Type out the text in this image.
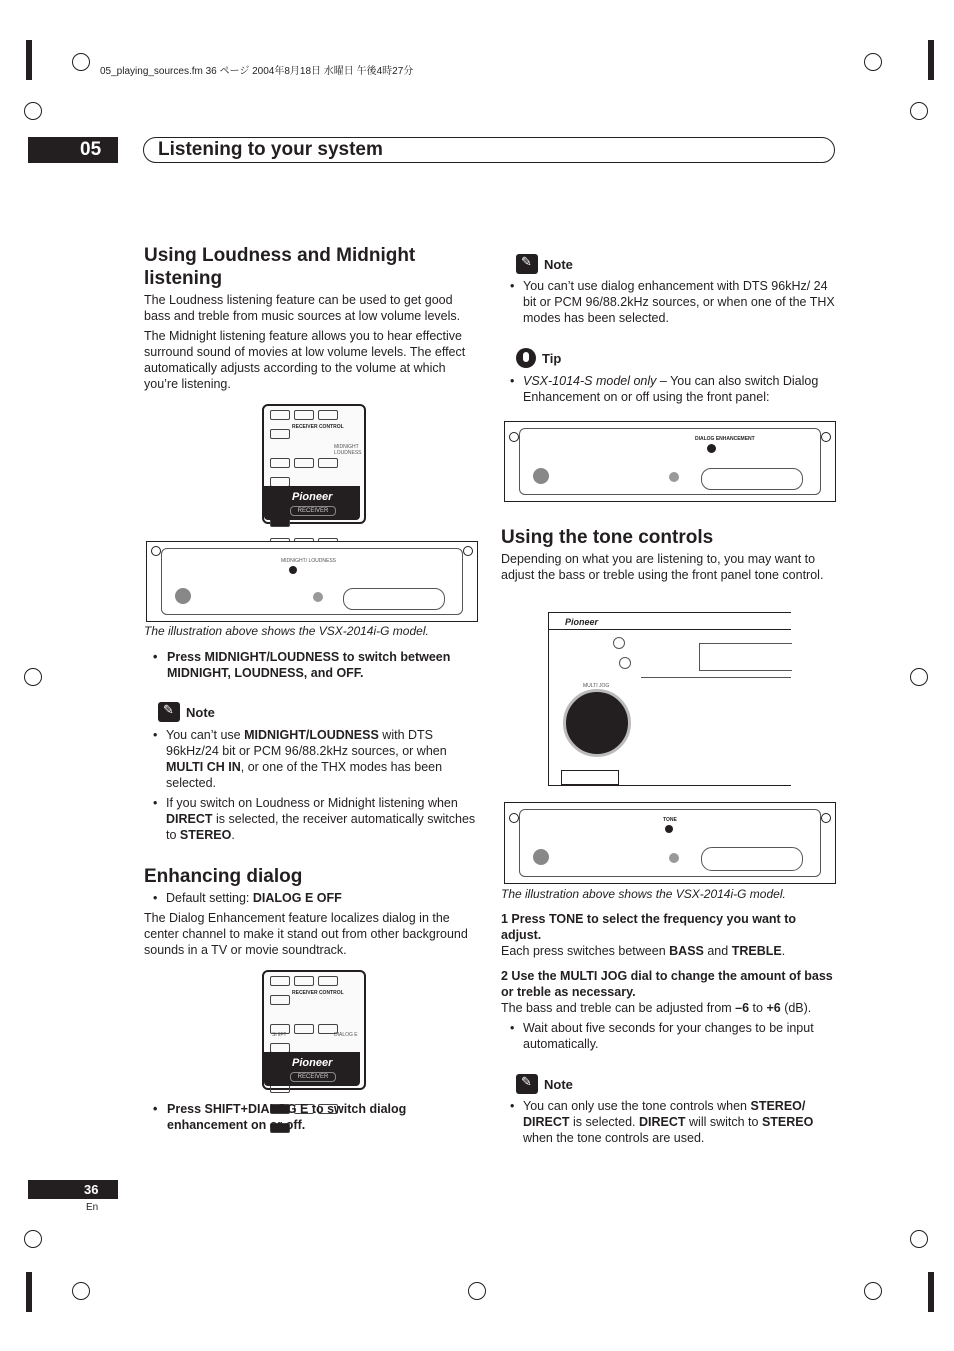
05_playing_sources.fm 36 ページ 2004年8月18日 水曜日 午後4時27分
05	Listening to your system
Using Loudness and Midnight listening

The Loudness listening feature can be used to get good bass and treble from music sources at low volume levels.

The Midnight listening feature allows you to hear effective surround sound of movies at low volume levels. The effect automatically adjusts according to the volume at which you’re listening.

RECEIVER CONTROL
MIDNIGHT LOUDNESS
Pioneer
RECEIVER
MIDNIGHT/ LOUDNESS
The illustration above shows the VSX-2014i-G model.
• Press MIDNIGHT/LOUDNESS to switch between MIDNIGHT, LOUDNESS, and OFF.
✎
Note
• You can’t use MIDNIGHT/LOUDNESS with DTS 96kHz/24 bit or PCM 96/88.2kHz sources, or when MULTI CH IN, or one of the THX modes has been selected.
• If you switch on Loudness or Midnight listening when DIRECT is selected, the receiver automatically switches to STEREO.
Enhancing dialog
• Default setting: DIALOG E OFF

The Dialog Enhancement feature localizes dialog in the center channel to make it stand out from other background sounds in a TV or movie soundtrack.

RECEIVER CONTROL
SHIFT	DIALOG E
Pioneer
RECEIVER
• Press SHIFT+DIALOG E to switch dialog enhancement on or off.
✎
Note
• You can’t use dialog enhancement with DTS 96kHz/ 24 bit or PCM 96/88.2kHz sources, or when one of the THX modes has been selected.
Tip
• VSX-1014-S model only – You can also switch Dialog Enhancement on or off using the front panel:
DIALOG ENHANCEMENT
Using the tone controls

Depending on what you are listening to, you may want to adjust the bass or treble using the front panel tone control.

Pioneer
MULTI JOG
TONE
The illustration above shows the VSX-2014i-G model.

1 Press TONE to select the frequency you want to adjust.

Each press switches between BASS and TREBLE.

2 Use the MULTI JOG dial to change the amount of bass or treble as necessary.

The bass and treble can be adjusted from –6 to +6 (dB).

• Wait about five seconds for your changes to be input automatically.
✎
Note
• You can only use the tone controls when STEREO/ DIRECT is selected. DIRECT will switch to STEREO when the tone controls are used.
36
En
